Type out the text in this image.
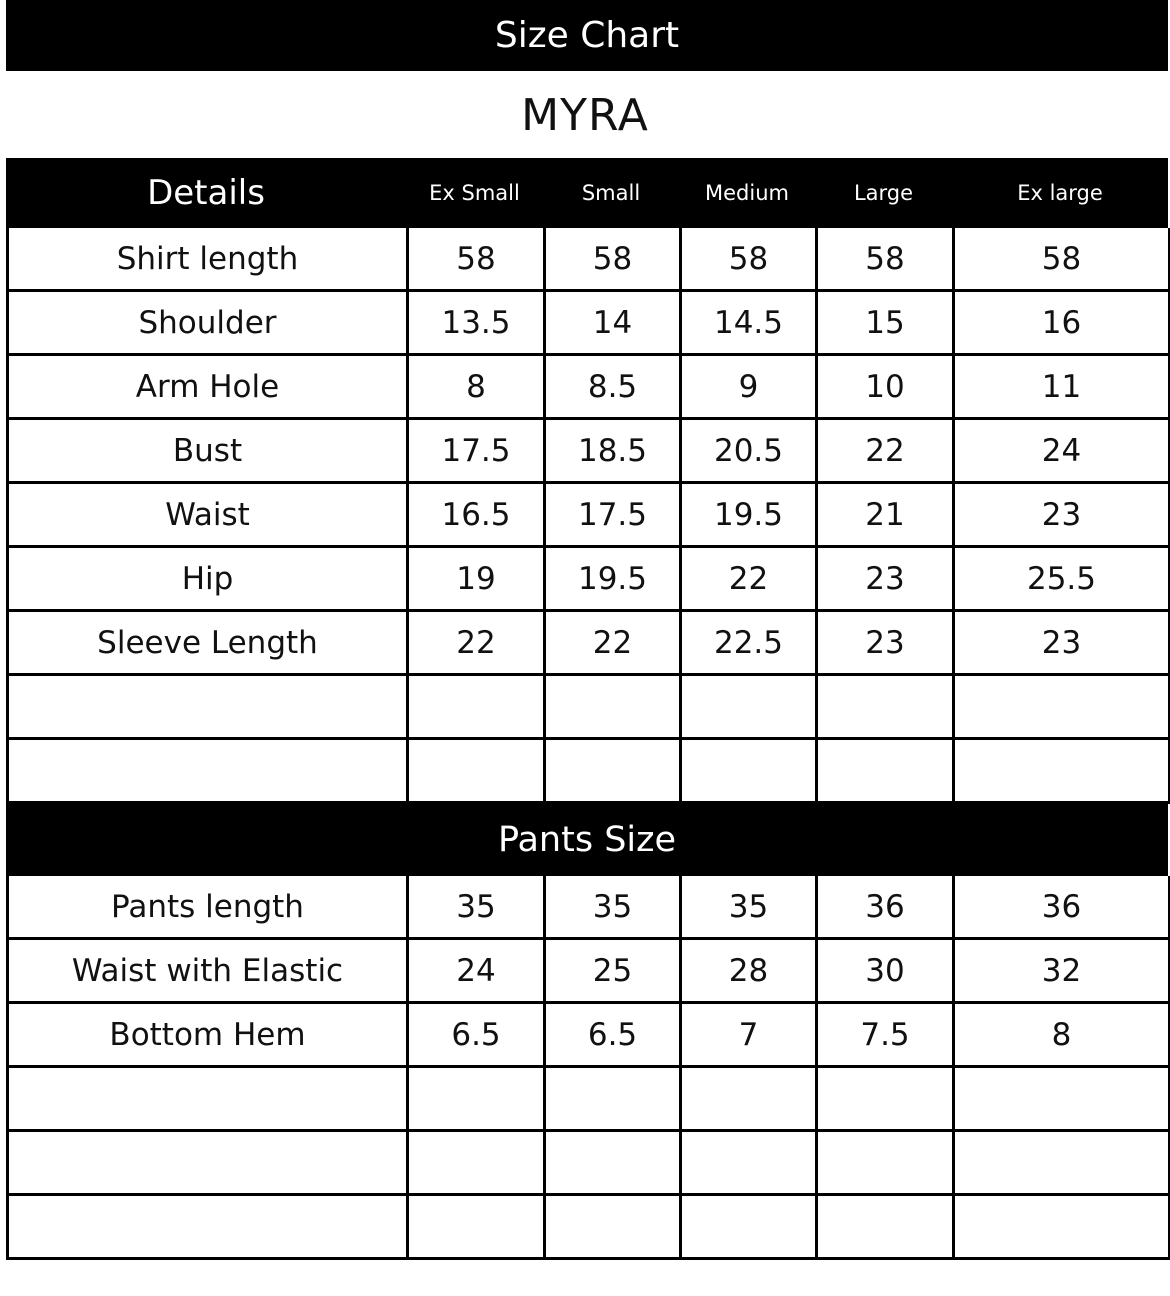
Size Chart
MYRA
Details	Ex Small	Small	Medium	Large	Ex large
Shirt length	58	58	58	58	58
Shoulder	13.5	14	14.5	15	16
Arm Hole	8	8.5	9	10	11
Bust	17.5	18.5	20.5	22	24
Waist	16.5	17.5	19.5	21	23
Hip	19	19.5	22	23	25.5
Sleeve Length	22	22	22.5	23	23

Pants Size
Pants length	35	35	35	36	36
Waist with Elastic	24	25	28	30	32
Bottom Hem	6.5	6.5	7	7.5	8
